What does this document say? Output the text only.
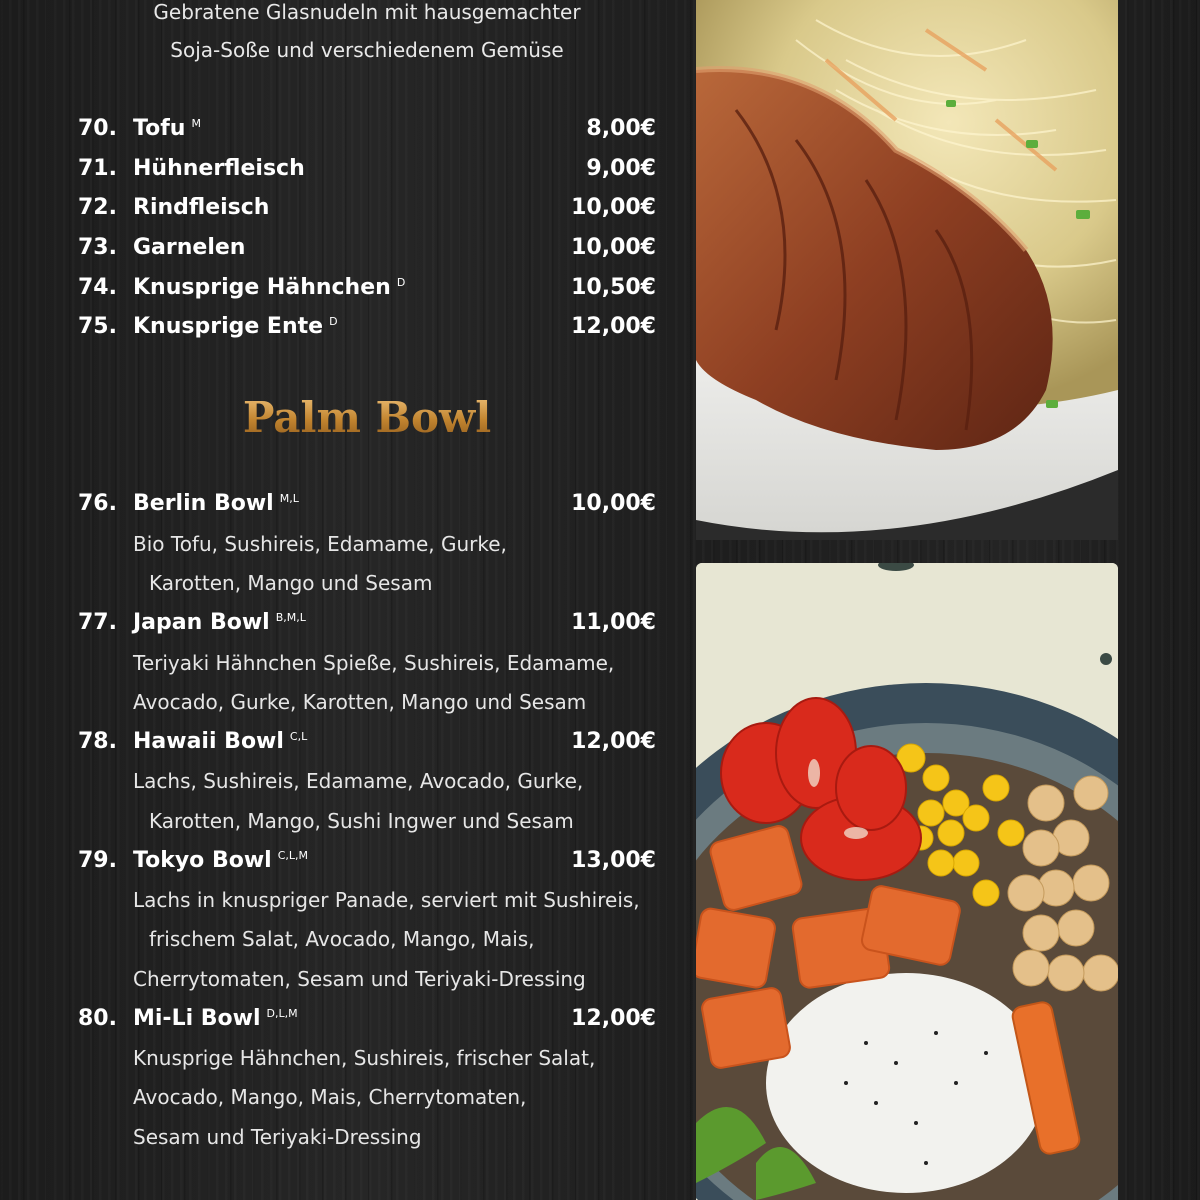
Gebratene Glasnudeln mit hausgemachter
Soja-Soße und verschiedenem Gemüse
70. Tofu $^M$	8,00€
71. Hühnerfleisch	9,00€
72. Rindfleisch	10,00€
73. Garnelen	10,00€
74. Knusprige Hähnchen $^D$	10,50€
75. Knusprige Ente $^D$	12,00€
Palm Bowl
76. Berlin Bowl $^{M,L}$	10,00€
Bio Tofu, Sushireis, Edamame, Gurke,
Karotten, Mango und Sesam
77. Japan Bowl $^{B,M,L}$	11,00€
Teriyaki Hähnchen Spieße, Sushireis, Edamame,
Avocado, Gurke, Karotten, Mango und Sesam
78. Hawaii Bowl $^{C,L}$	12,00€
Lachs, Sushireis, Edamame, Avocado, Gurke,
Karotten, Mango, Sushi Ingwer und Sesam
79. Tokyo Bowl $^{C,L,M}$	13,00€
Lachs in knuspriger Panade, serviert mit Sushireis,
frischem Salat, Avocado, Mango, Mais,
Cherrytomaten, Sesam und Teriyaki-Dressing
80. Mi-Li Bowl $^{D,L,M}$	12,00€
Knusprige Hähnchen, Sushireis, frischer Salat,
Avocado, Mango, Mais, Cherrytomaten,
Sesam und Teriyaki-Dressing
